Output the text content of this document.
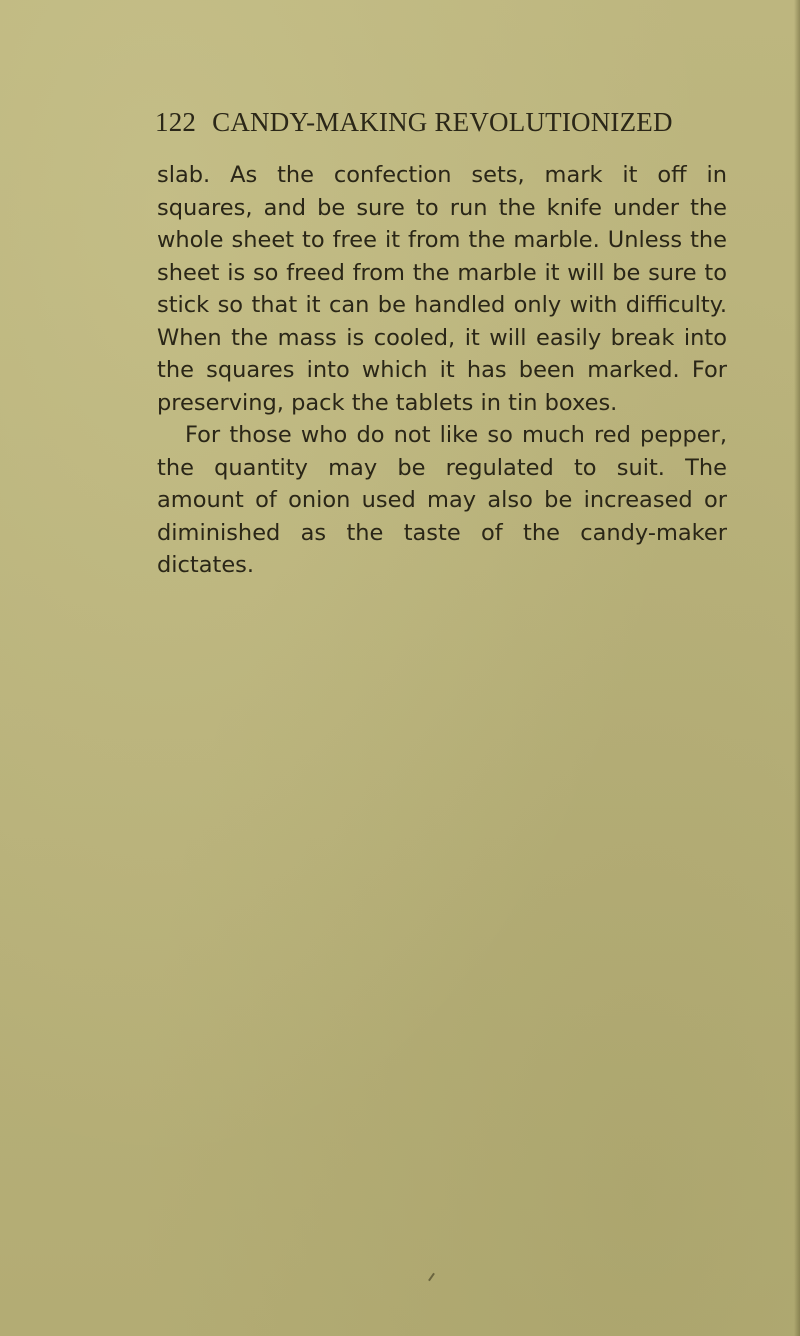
122 CANDY-MAKING REVOLUTIONIZED

slab. As the confection sets, mark it off in squares, and be sure to run the knife under the whole sheet to free it from the marble. Unless the sheet is so freed from the marble it will be sure to stick so that it can be handled only with difficulty. When the mass is cooled, it will easily break into the squares into which it has been marked. For preserving, pack the tablets in tin boxes.

For those who do not like so much red pepper, the quantity may be regulated to suit. The amount of onion used may also be increased or diminished as the taste of the candy-maker dictates.
